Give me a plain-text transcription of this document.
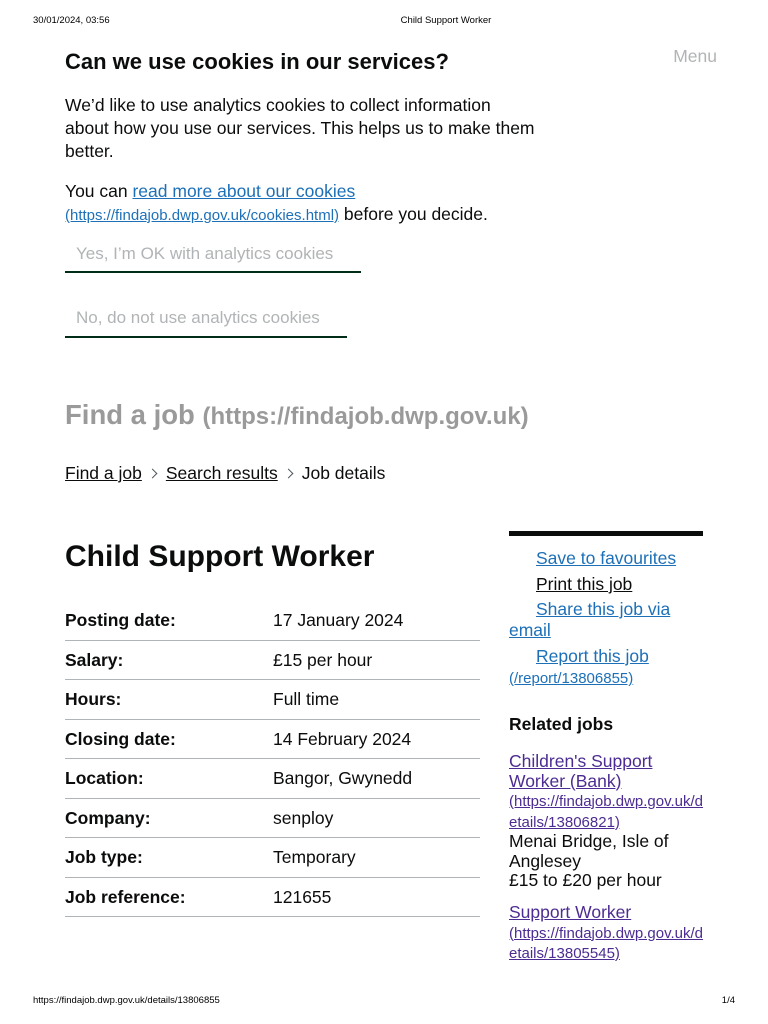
30/01/2024, 03:56	Child Support Worker
Menu
Can we use cookies in our services?
We’d like to use analytics cookies to collect information about how you use our services. This helps us to make them better.
You can read more about our cookies
(https://findajob.dwp.gov.uk/cookies.html) before you decide.
Yes, I’m OK with analytics cookies
No, do not use analytics cookies
Find a job (https://findajob.dwp.gov.uk)
Find a job Search results Job details
Child Support Worker
Posting date:	17 January 2024
Salary:	£15 per hour
Hours:	Full time
Closing date:	14 February 2024
Location:	Bangor, Gwynedd
Company:	senploy
Job type:	Temporary
Job reference:	121655
Save to favourites
Print this job
Share this job via email
Report this job
(/report/13806855)
Related jobs
Children's Support Worker (Bank)
(https://findajob.dwp.gov.uk/details/13806821)
Menai Bridge, Isle of Anglesey
£15 to £20 per hour
Support Worker
(https://findajob.dwp.gov.uk/details/13805545)
https://findajob.dwp.gov.uk/details/13806855	1/4
